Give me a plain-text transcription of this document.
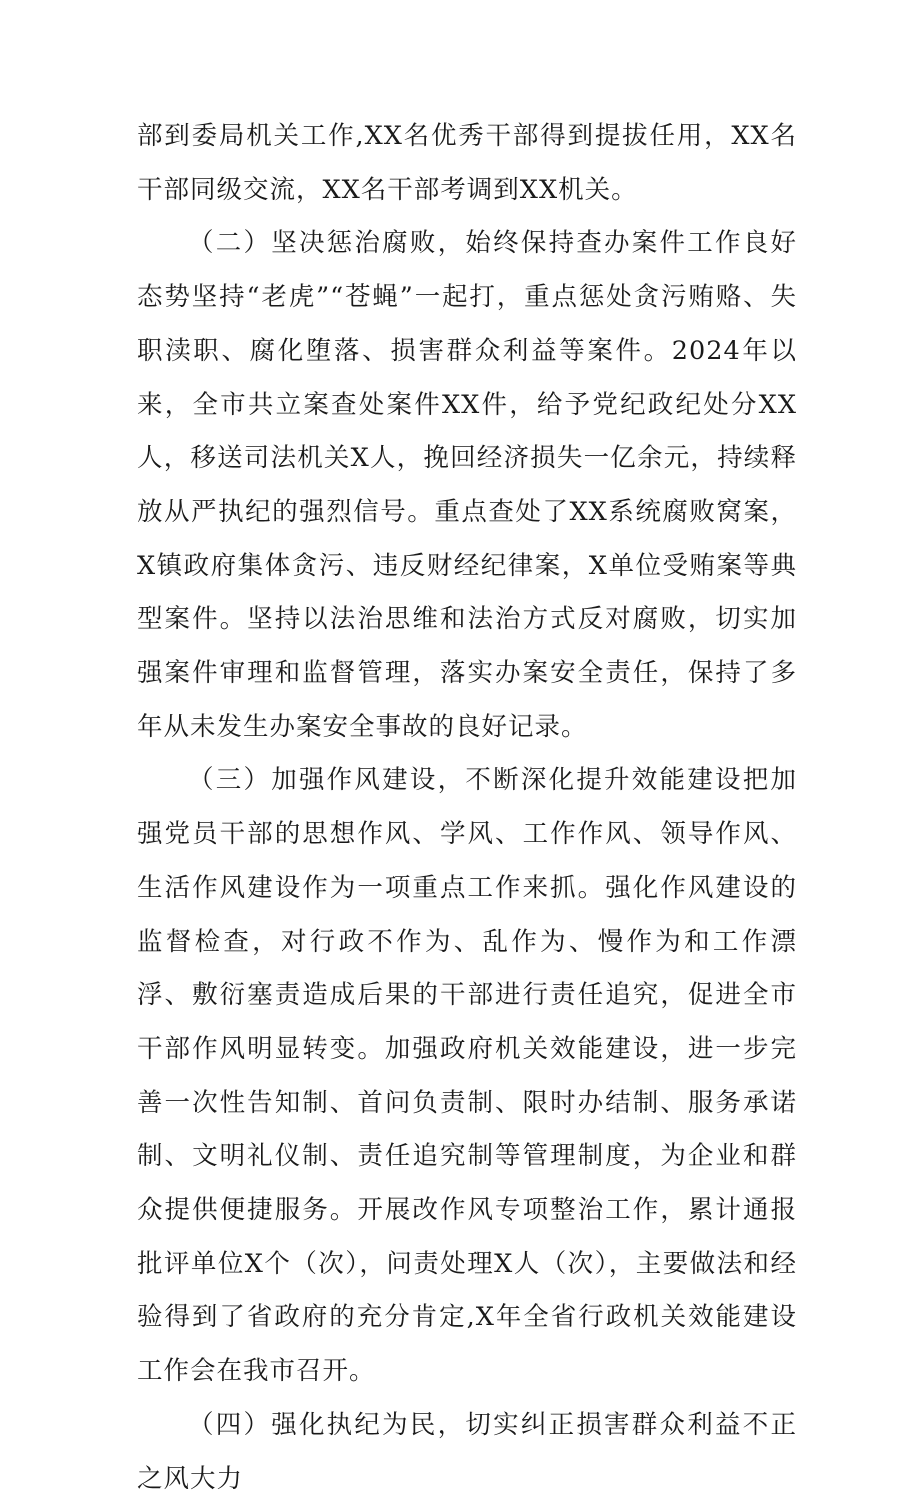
部到委局机关工作,XX名优秀干部得到提拔任用，XX名干部同级交流，XX名干部考调到XX机关。

（二）坚决惩治腐败，始终保持查办案件工作良好态势坚持“老虎”“苍蝇”一起打，重点惩处贪污贿赂、失职渎职、腐化堕落、损害群众利益等案件。2024年以来，全市共立案查处案件XX件，给予党纪政纪处分XX人，移送司法机关X人，挽回经济损失一亿余元，持续释放从严执纪的强烈信号。重点查处了XX系统腐败窝案，X镇政府集体贪污、违反财经纪律案，X单位受贿案等典型案件。坚持以法治思维和法治方式反对腐败，切实加强案件审理和监督管理，落实办案安全责任，保持了多年从未发生办案安全事故的良好记录。

（三）加强作风建设，不断深化提升效能建设把加强党员干部的思想作风、学风、工作作风、领导作风、生活作风建设作为一项重点工作来抓。强化作风建设的监督检查，对行政不作为、乱作为、慢作为和工作漂浮、敷衍塞责造成后果的干部进行责任追究，促进全市干部作风明显转变。加强政府机关效能建设，进一步完善一次性告知制、首问负责制、限时办结制、服务承诺制、文明礼仪制、责任追究制等管理制度，为企业和群众提供便捷服务。开展改作风专项整治工作，累计通报批评单位X个（次），问责处理X人（次），主要做法和经验得到了省政府的充分肯定,X年全省行政机关效能建设工作会在我市召开。

（四）强化执纪为民，切实纠正损害群众利益不正之风大力
